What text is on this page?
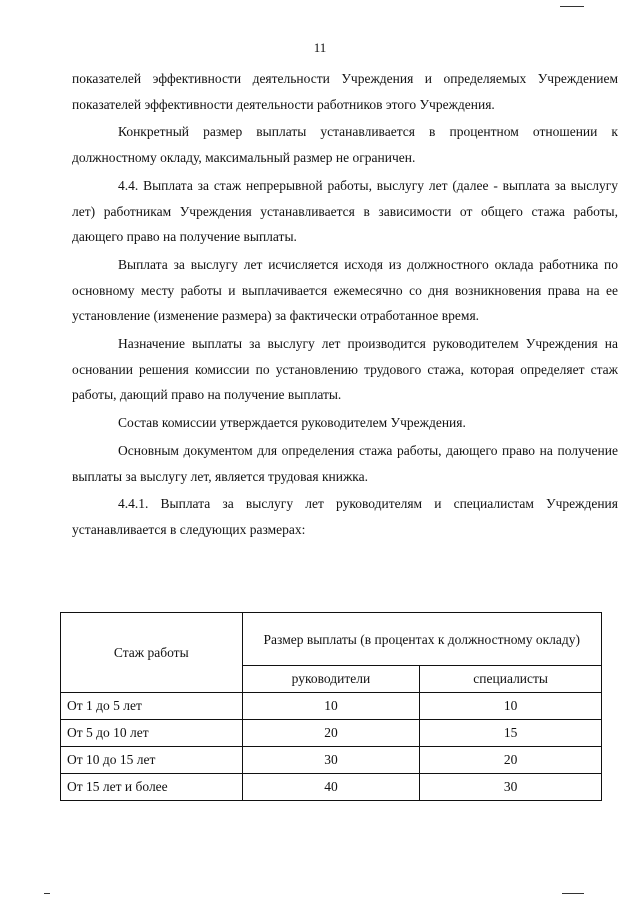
11

показателей эффективности деятельности Учреждения и определяемых Учреждением показателей эффективности деятельности работников этого Учреждения.

Конкретный размер выплаты устанавливается в процентном отношении к должностному окладу, максимальный размер не ограничен.

4.4. Выплата за стаж непрерывной работы, выслугу лет (далее - выплата за выслугу лет) работникам Учреждения устанавливается в зависимости от общего стажа работы, дающего право на получение выплаты.

Выплата за выслугу лет исчисляется исходя из должностного оклада работника по основному месту работы и выплачивается ежемесячно со дня возникновения права на ее установление (изменение размера) за фактически отработанное время.

Назначение выплаты за выслугу лет производится руководителем Учреждения на основании решения комиссии по установлению трудового стажа, которая определяет стаж работы, дающий право на получение выплаты.

Состав комиссии утверждается руководителем Учреждения.

Основным документом для определения стажа работы, дающего право на получение выплаты за выслугу лет, является трудовая книжка.

4.4.1. Выплата за выслугу лет руководителям и специалистам Учреждения устанавливается в следующих размерах:

Стаж работы	Размер выплаты (в процентах к должностному окладу)	
	руководители	специалисты
От 1 до 5 лет	10	10
От 5 до 10 лет	20	15
От 10 до 15 лет	30	20
От 15 лет и более	40	30
